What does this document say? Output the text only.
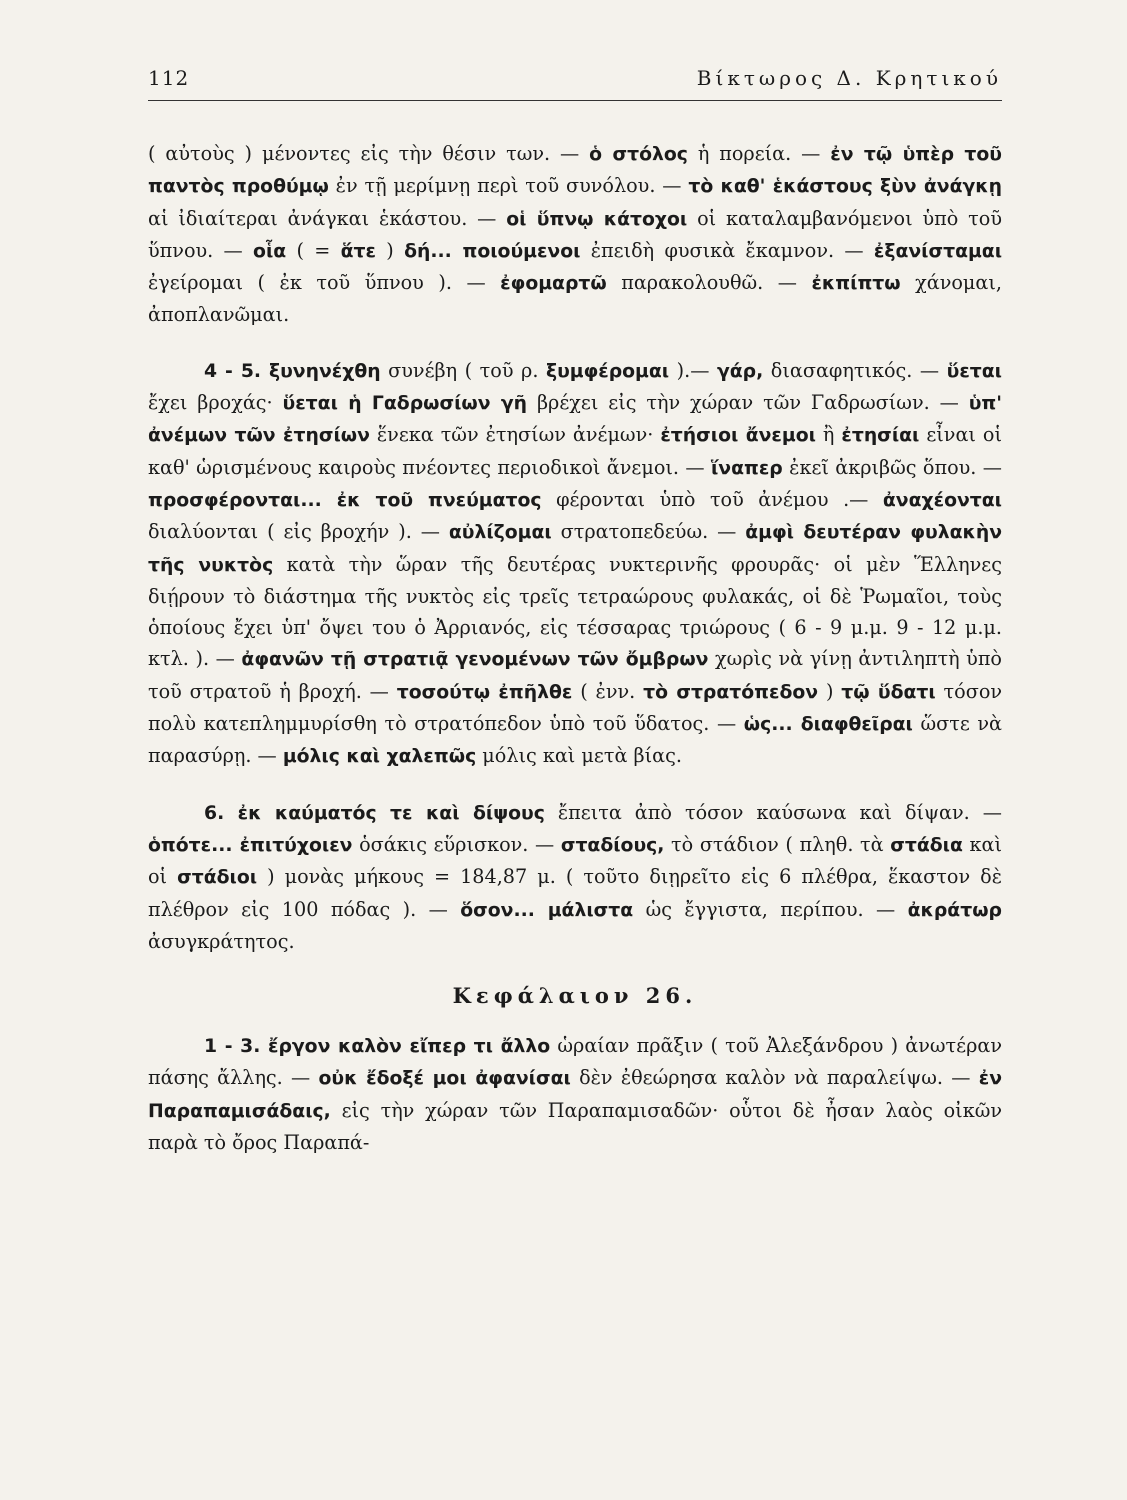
112	Βίκτωρος Δ. Κρητικού

( αὐτοὺς ) μένοντες εἰς τὴν θέσιν των. — ὁ στόλος ἡ πορεία. — ἐν τῷ ὑπὲρ τοῦ παντὸς προθύμῳ ἐν τῇ μερίμνῃ περὶ τοῦ συνόλου. — τὸ καθ' ἑκάστους ξὺν ἀνάγκῃ αἱ ἰδιαίτεραι ἀνάγκαι ἑκάστου. — οἱ ὕπνῳ κάτοχοι οἱ καταλαμβανόμενοι ὑπὸ τοῦ ὕπνου. — οἷα ( = ἅτε ) δή... ποιούμενοι ἐπειδὴ φυσικὰ ἔκαμνον. — ἐξανίσταμαι ἐγείρομαι ( ἐκ τοῦ ὕπνου ). — ἐφομαρτῶ παρακολουθῶ. — ἐκπίπτω χάνομαι, ἀποπλανῶμαι.

4 - 5. ξυνηνέχθη συνέβη ( τοῦ ρ. ξυμφέρομαι ).— γάρ, διασαφητικός. — ὕεται ἔχει βροχάς· ὕεται ἡ Γαδρωσίων γῆ βρέχει εἰς τὴν χώραν τῶν Γαδρωσίων. — ὑπ' ἀνέμων τῶν ἐτησίων ἕνεκα τῶν ἐτησίων ἀνέμων· ἐτήσιοι ἄνεμοι ἢ ἐτησίαι εἶναι οἱ καθ' ὡρισμένους καιροὺς πνέοντες περιοδικοὶ ἄνεμοι. — ἵναπερ ἐκεῖ ἀκριβῶς ὅπου. — προσφέρονται... ἐκ τοῦ πνεύματος φέρονται ὑπὸ τοῦ ἀνέμου .— ἀναχέονται διαλύονται ( εἰς βροχήν ). — αὐλίζομαι στρατοπεδεύω. — ἀμφὶ δευτέραν φυλακὴν τῆς νυκτὸς κατὰ τὴν ὥραν τῆς δευτέρας νυκτερινῆς φρουρᾶς· οἱ μὲν Ἕλληνες διῄρουν τὸ διάστημα τῆς νυκτὸς εἰς τρεῖς τετραώρους φυλακάς, οἱ δὲ Ῥωμαῖοι, τοὺς ὁποίους ἔχει ὑπ' ὄψει του ὁ Ἀρριανός, εἰς τέσσαρας τριώρους ( 6 - 9 μ.μ. 9 - 12 μ.μ. κτλ. ). — ἀφανῶν τῇ στρατιᾷ γενομένων τῶν ὄμβρων χωρὶς νὰ γίνῃ ἀντιληπτὴ ὑπὸ τοῦ στρατοῦ ἡ βροχή. — τοσούτῳ ἐπῆλθε ( ἐνν. τὸ στρατόπεδον ) τῷ ὕδατι τόσον πολὺ κατεπλημμυρίσθη τὸ στρατόπεδον ὑπὸ τοῦ ὕδατος. — ὡς... διαφθεῖραι ὥστε νὰ παρασύρῃ. — μόλις καὶ χαλεπῶς μόλις καὶ μετὰ βίας.

6. ἐκ καύματός τε καὶ δίψους ἔπειτα ἀπὸ τόσον καύσωνα καὶ δίψαν. — ὁπότε... ἐπιτύχοιεν ὁσάκις εὕρισκον. — σταδίους, τὸ στάδιον ( πληθ. τὰ στάδια καὶ οἱ στάδιοι ) μονὰς μήκους = 184,87 μ. ( τοῦτο διῃρεῖτο εἰς 6 πλέθρα, ἕκαστον δὲ πλέθρον εἰς 100 πόδας ). — ὅσον... μάλιστα ὡς ἔγγιστα, περίπου. — ἀκράτωρ ἀσυγκράτητος.

Κεφάλαιον 26.

1 - 3. ἔργον καλὸν εἴπερ τι ἄλλο ὡραίαν πρᾶξιν ( τοῦ Ἀλεξάνδρου ) ἀνωτέραν πάσης ἄλλης. — οὐκ ἔδοξέ μοι ἀφανίσαι δὲν ἐθεώρησα καλὸν νὰ παραλείψω. — ἐν Παραπαμισάδαις, εἰς τὴν χώραν τῶν Παραπαμισαδῶν· οὗτοι δὲ ἦσαν λαὸς οἰκῶν παρὰ τὸ ὄρος Παραπά-
